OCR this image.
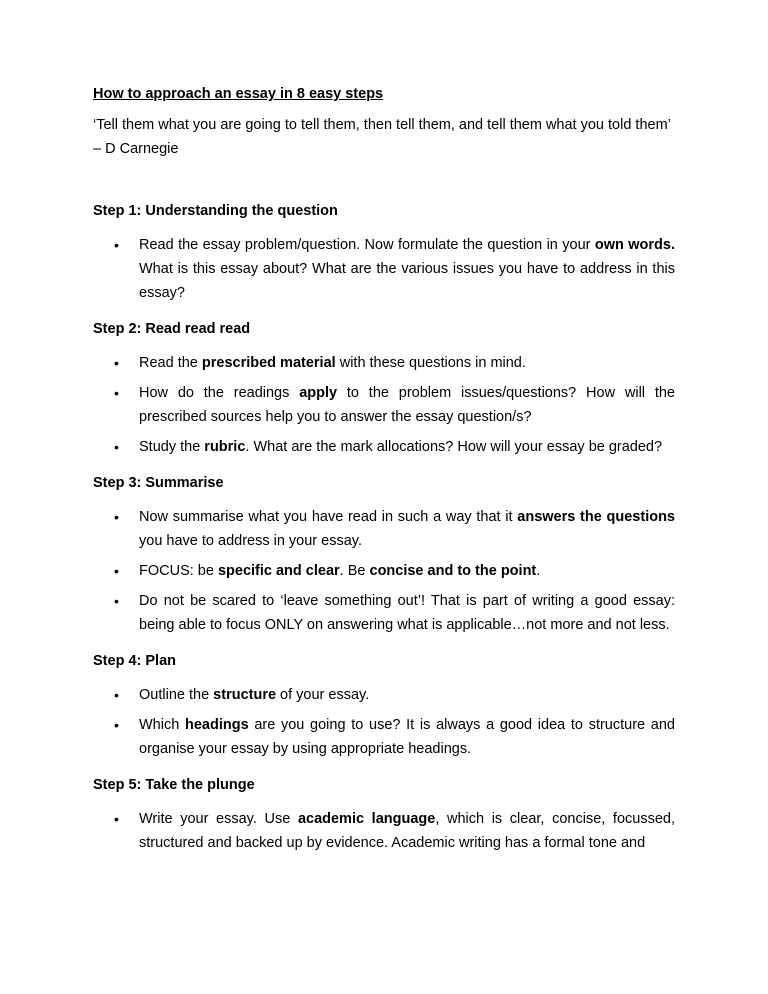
How to approach an essay in 8 easy steps

‘Tell them what you are going to tell them, then tell them, and tell them what you told them’ – D Carnegie

Step 1: Understanding the question

• Read the essay problem/question. Now formulate the question in your own words. What is this essay about? What are the various issues you have to address in this essay?

Step 2: Read read read

• Read the prescribed material with these questions in mind.
• How do the readings apply to the problem issues/questions? How will the prescribed sources help you to answer the essay question/s?
• Study the rubric. What are the mark allocations? How will your essay be graded?

Step 3: Summarise

• Now summarise what you have read in such a way that it answers the questions you have to address in your essay.
• FOCUS: be specific and clear. Be concise and to the point.
• Do not be scared to ‘leave something out’! That is part of writing a good essay: being able to focus ONLY on answering what is applicable…not more and not less.

Step 4: Plan

• Outline the structure of your essay.
• Which headings are you going to use? It is always a good idea to structure and organise your essay by using appropriate headings.

Step 5: Take the plunge

• Write your essay. Use academic language, which is clear, concise, focussed, structured and backed up by evidence. Academic writing has a formal tone and
